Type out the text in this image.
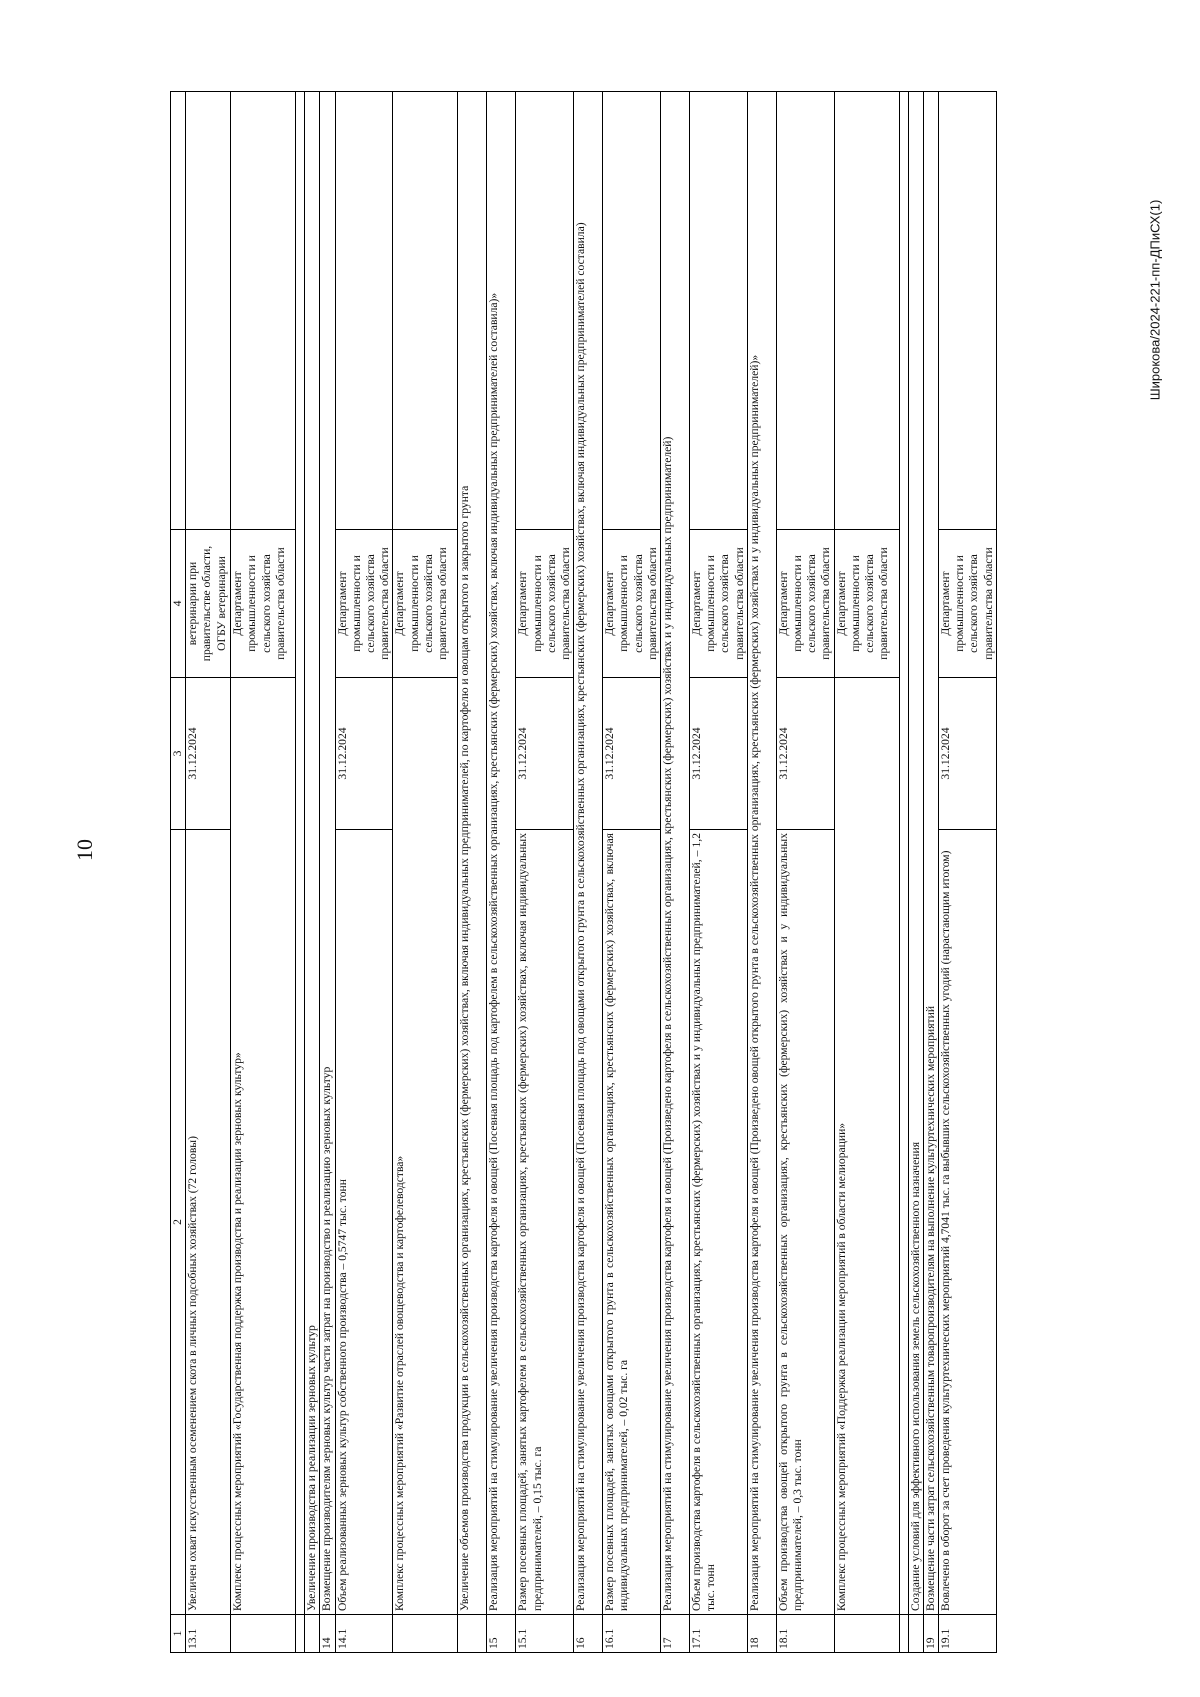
10
1	2	3	4	
13.1	Увеличен охват искусственным осеменением скота в личных подсобных хозяйствах (72 головы)	31.12.2024	ветеринарии при правительстве области, ОГБУ ветеринарии	
	Комплекс процессных мероприятий «Государственная поддержка производства и реализации зерновых культур»		Департамент промышленности и сельского хозяйства правительства области	

	Увеличение производства и реализации зерновых культур			
14	Возмещение производителям зерновых культур части затрат на производство и реализацию зерновых культур			
14.1	Объем реализованных зерновых культур собственного производства – 0,5747 тыс. тонн	31.12.2024	Департамент промышленности и сельского хозяйства правительства области	
	Комплекс процессных мероприятий «Развитие отраслей овощеводства и картофелеводства»		Департамент промышленности и сельского хозяйства правительства области	
	Увеличение объемов производства продукции в сельскохозяйственных организациях, крестьянских (фермерских) хозяйствах, включая индивидуальных предпринимателей, по картофелю и овощам открытого и закрытого грунта			
15	Реализация мероприятий на стимулирование увеличения производства картофеля и овощей (Посевная площадь под картофелем в сельскохозяйственных организациях, крестьянских (фермерских) хозяйствах, включая индивидуальных предпринимателей составила)»			
15.1	Размер посевных площадей, занятых картофелем в сельскохозяйственных организациях, крестьянских (фермерских) хозяйствах, включая индивидуальных предпринимателей, – 0,15 тыс. га	31.12.2024	Департамент промышленности и сельского хозяйства правительства области	
16	Реализация мероприятий на стимулирование увеличения производства картофеля и овощей (Посевная площадь под овощами открытого грунта в сельскохозяйственных организациях, крестьянских (фермерских) хозяйствах, включая индивидуальных предпринимателей составила)			
16.1	Размер посевных площадей, занятых овощами открытого грунта в сельскохозяйственных организациях, крестьянских (фермерских) хозяйствах, включая индивидуальных предпринимателей, – 0,02 тыс. га	31.12.2024	Департамент промышленности и сельского хозяйства правительства области	
17	Реализация мероприятий на стимулирование увеличения производства картофеля и овощей (Произведено картофеля в сельскохозяйственных организациях, крестьянских (фермерских) хозяйствах и у индивидуальных предпринимателей)			
17.1	Объем производства картофеля в сельскохозяйственных организациях, крестьянских (фермерских) хозяйствах и у индивидуальных предпринимателей, – 1,2 тыс. тонн	31.12.2024	Департамент промышленности и сельского хозяйства правительства области	
18	Реализация мероприятий на стимулирование увеличения производства картофеля и овощей (Произведено овощей открытого грунта в сельскохозяйственных организациях, крестьянских (фермерских) хозяйствах и у индивидуальных предпринимателей)»			
18.1	Объем производства овощей открытого грунта в сельскохозяйственных организациях, крестьянских (фермерских) хозяйствах и у индивидуальных предпринимателей, – 0,3 тыс. тонн	31.12.2024	Департамент промышленности и сельского хозяйства правительства области	
	Комплекс процессных мероприятий «Поддержка реализации мероприятий в области мелиорации»		Департамент промышленности и сельского хозяйства правительства области	

	Создание условий для эффективного использования земель сельскохозяйственного назначения			
19	Возмещение части затрат сельскохозяйственным товаропроизводителям на выполнение культуртехнических мероприятий			
19.1	Вовлечено в оборот за счет проведения культуртехнических мероприятий 4,7041 тыс. га выбывших сельскохозяйственных угодий (нарастающим итогом)	31.12.2024	Департамент промышленности и сельского хозяйства правительства области	
Широкова/2024-221-пп-ДПиСХ(1)
